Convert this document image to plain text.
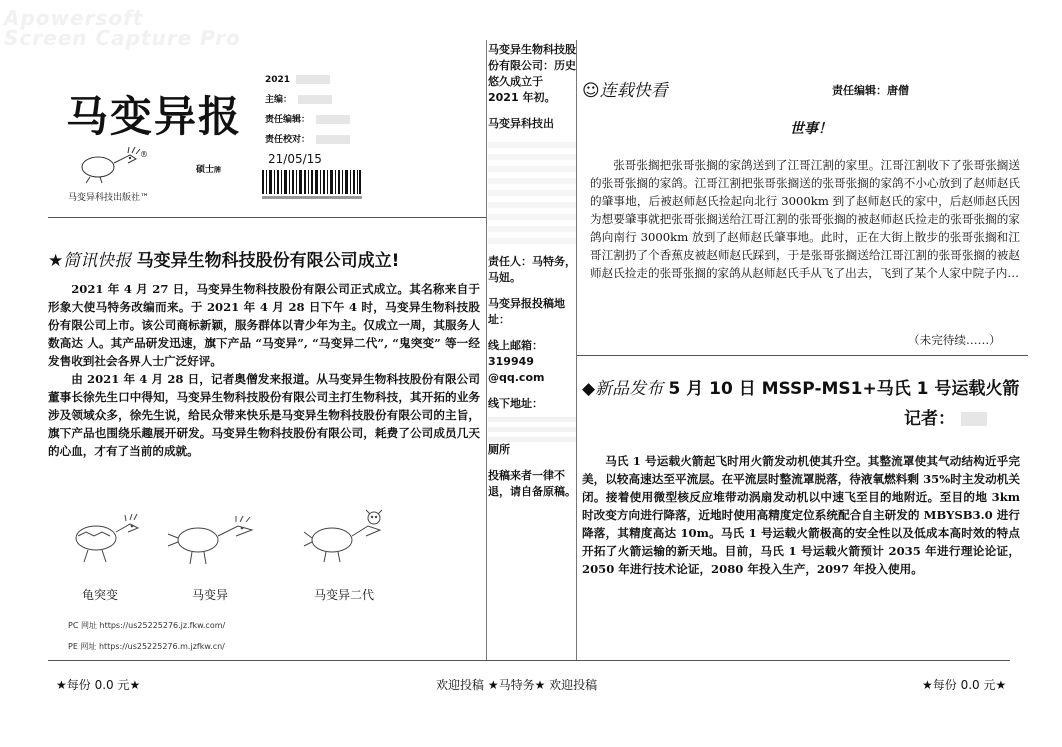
Apowersoft
Screen Capture Pro
马变异报
2021
主编：
责任编辑：
责任校对：
®
硕士牌
21/05/15
马变异科技出版社™
★简讯快报 马变异生物科技股份有限公司成立!

2021 年 4 月 27 日，马变异生物科技股份有限公司正式成立。其名称来自于形象大使马特务改编而来。于 2021 年 4 月 28 日下午 4 时，马变异生物科技股份有限公司上市。该公司商标新颖，服务群体以青少年为主。仅成立一周，其服务人数高达 人。其产品研发迅速，旗下产品 “马变异”, “马变异二代”, “鬼突变” 等一经发售收到社会各界人士广泛好评。

由 2021 年 4 月 28 日，记者奥僧发来报道。从马变异生物科技股份有限公司董事长徐先生口中得知，马变异生物科技股份有限公司主打生物科技，其开拓的业务涉及领域众多，徐先生说，给民众带来快乐是马变异生物科技股份有限公司的主旨，旗下产品也围绕乐趣展开研发。马变异生物科技股份有限公司，耗费了公司成员几天的心血，才有了当前的成就。

龟突变	马变异	马变异二代
PC 网址 https://us25225276.jz.fkw.com/
PE 网址 https://us25225276.m.jzfkw.cn/

马变异生物科技股份有限公司：历史悠久成立于 2021 年初。

马变异科技出

责任人：马特务，马妞。

马变异报投稿地址：

线上邮箱：319949
@qq.com

线下地址：

厕所

投稿来者一律不退，请自备原稿。

☺连载快看	责任编辑：唐僧
世事！

张哥张搁把张哥张搁的家鸽送到了江哥江割的家里。江哥江割收下了张哥张搁送的张哥张搁的家鸽。江哥江割把张哥张搁送的张哥张搁的家鸽不小心放到了赵师赵氏的肇事地，后被赵师赵氏捡起向北行 3000km 到了赵师赵氏的家中，后赵师赵氏因为想要肇事就把张哥张搁送给江哥江割的张哥张搁的被赵师赵氏捡走的张哥张搁的家鸽向南行 3000km 放到了赵师赵氏肇事地。此时，正在大街上散步的张哥张搁和江哥江割扔了个香蕉皮被赵师赵氏踩到，于是张哥张搁送给江哥江割的张哥张搁的被赵师赵氏捡走的张哥张搁的家鸽从赵师赵氏手从飞了出去，飞到了某个人家中院子内…

（未完待续……）
◆新品发布 5 月 10 日 MSSP-MS1+马氏 1 号运载火箭
记者：

马氏 1 号运载火箭起飞时用火箭发动机使其升空。其整流罩使其气动结构近乎完美，以较高速达至平流层。在平流层时整流罩脱落，待液氧燃料剩 35%时主发动机关闭。接着使用微型核反应堆带动涡扇发动机以中速飞至目的地附近。至目的地 3km 时改变方向进行降落，近地时使用高精度定位系统配合自主研发的 MBYSB3.0 进行降落，其精度高达 10m。马氏 1 号运载火箭极高的安全性以及低成本高时效的特点开拓了火箭运输的新天地。目前，马氏 1 号运载火箭预计 2035 年进行理论论证，2050 年进行技术论证，2080 年投入生产，2097 年投入使用。

★每份 0.0 元★	欢迎投稿 ★马特务★ 欢迎投稿	★每份 0.0 元★
